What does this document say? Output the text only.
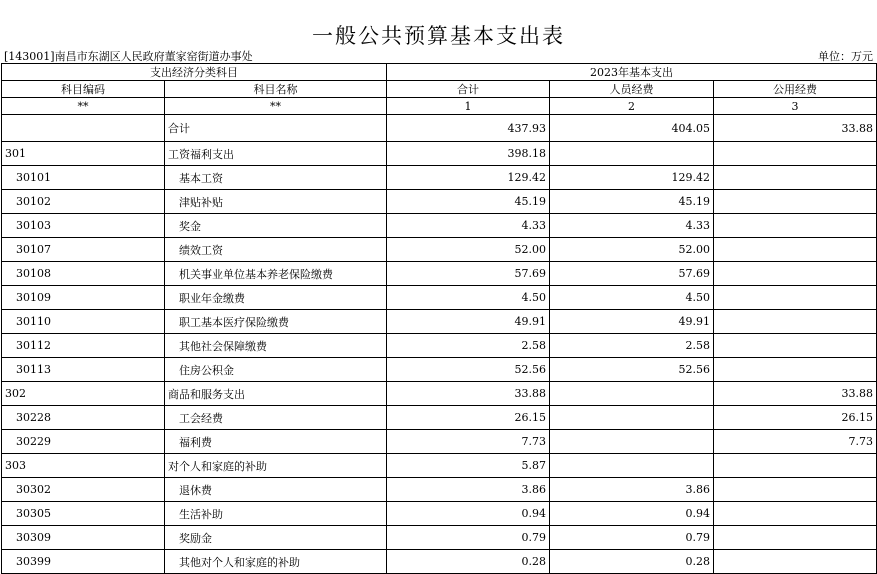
一般公共预算基本支出表
[143001]南昌市东湖区人民政府董家窑街道办事处	单位：万元
支出经济分类科目		2023年基本支出		
科目编码	科目名称	合计	人员经费	公用经费
**	**	1	2	3
	合计	437.93	404.05	33.88
301	工资福利支出	398.18		
30101	基本工资	129.42	129.42	
30102	津贴补贴	45.19	45.19	
30103	奖金	4.33	4.33	
30107	绩效工资	52.00	52.00	
30108	机关事业单位基本养老保险缴费	57.69	57.69	
30109	职业年金缴费	4.50	4.50	
30110	职工基本医疗保险缴费	49.91	49.91	
30112	其他社会保障缴费	2.58	2.58	
30113	住房公积金	52.56	52.56	
302	商品和服务支出	33.88		33.88
30228	工会经费	26.15		26.15
30229	福利费	7.73		7.73
303	对个人和家庭的补助	5.87		
30302	退休费	3.86	3.86	
30305	生活补助	0.94	0.94	
30309	奖励金	0.79	0.79	
30399	其他对个人和家庭的补助	0.28	0.28	
